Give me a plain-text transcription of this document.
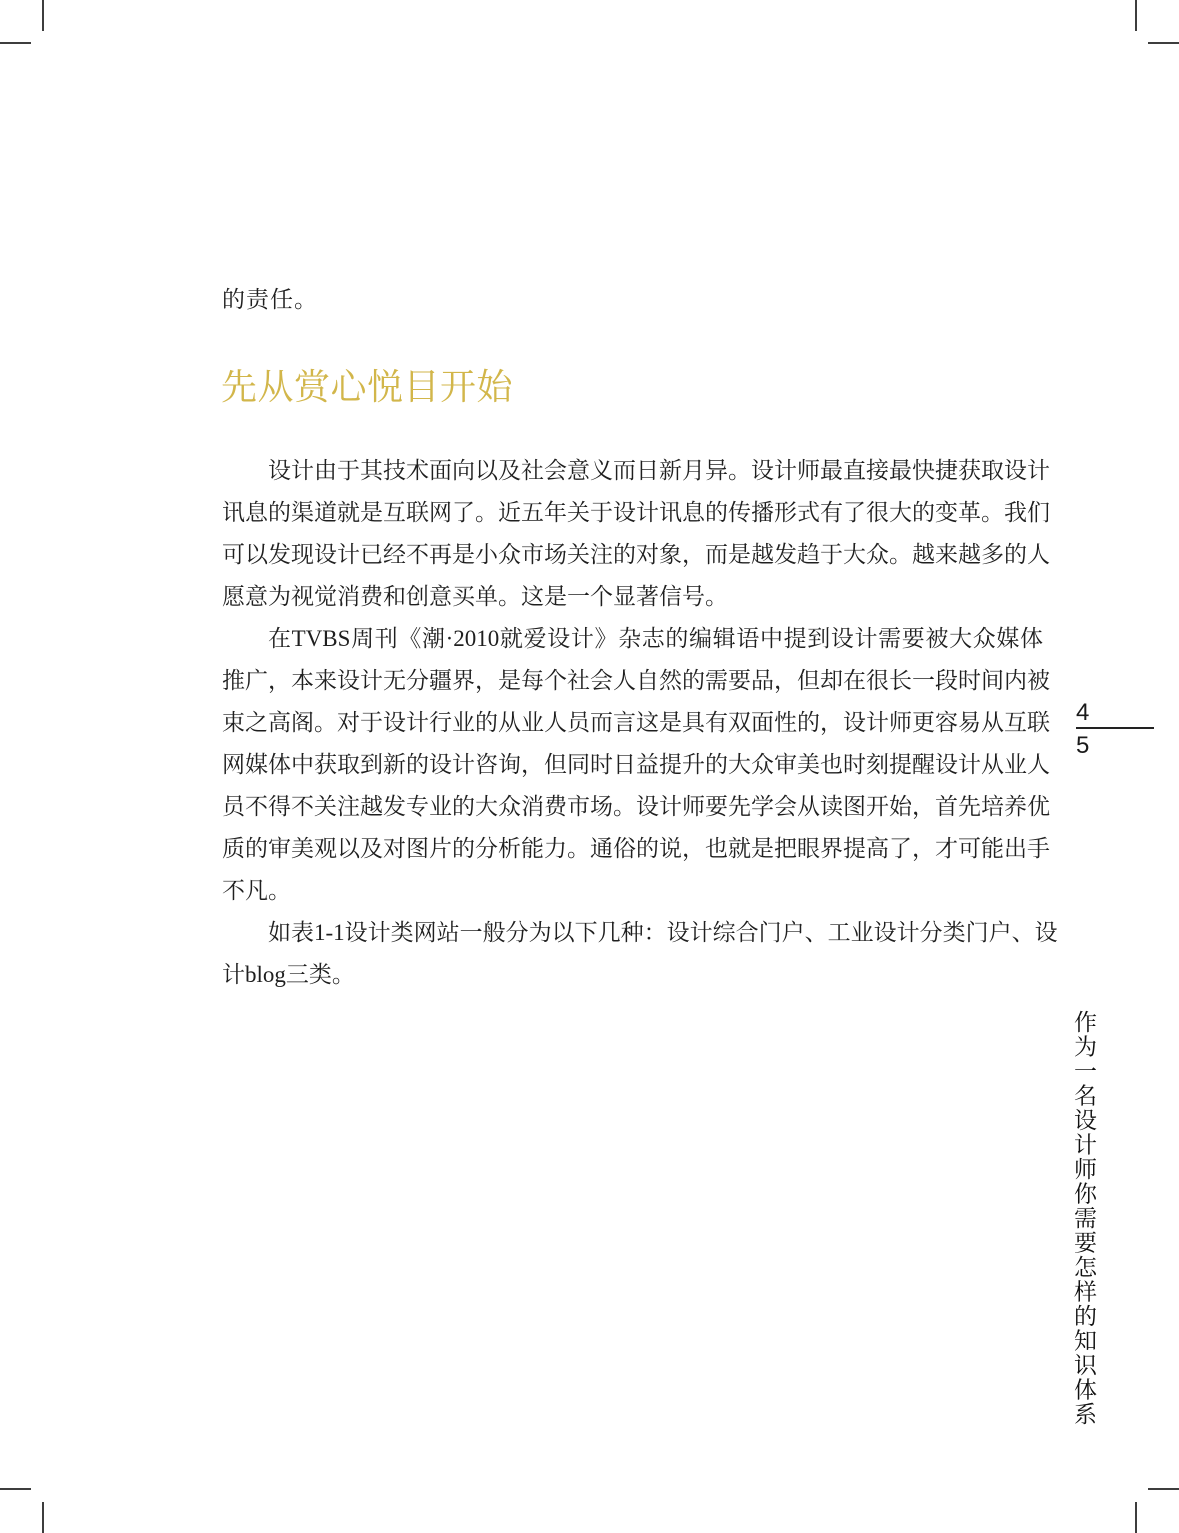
的责任。
先从赏心悦目开始

设计由于其技术面向以及社会意义而日新月异。设计师最直接最快捷获取设计
讯息的渠道就是互联网了。近五年关于设计讯息的传播形式有了很大的变革。我们
可以发现设计已经不再是小众市场关注的对象，而是越发趋于大众。越来越多的人
愿意为视觉消费和创意买单。这是一个显著信号。

在TVBS周刊《潮·2010就爱设计》杂志的编辑语中提到设计需要被大众媒体
推广，本来设计无分疆界，是每个社会人自然的需要品，但却在很长一段时间内被
束之高阁。对于设计行业的从业人员而言这是具有双面性的，设计师更容易从互联
网媒体中获取到新的设计咨询，但同时日益提升的大众审美也时刻提醒设计从业人
员不得不关注越发专业的大众消费市场。设计师要先学会从读图开始，首先培养优
质的审美观以及对图片的分析能力。通俗的说，也就是把眼界提高了，才可能出手
不凡。

如表1-1设计类网站一般分为以下几种：设计综合门户、工业设计分类门户、设
计blog三类。

4
5
作为一名设计师你需要怎样的知识体系
